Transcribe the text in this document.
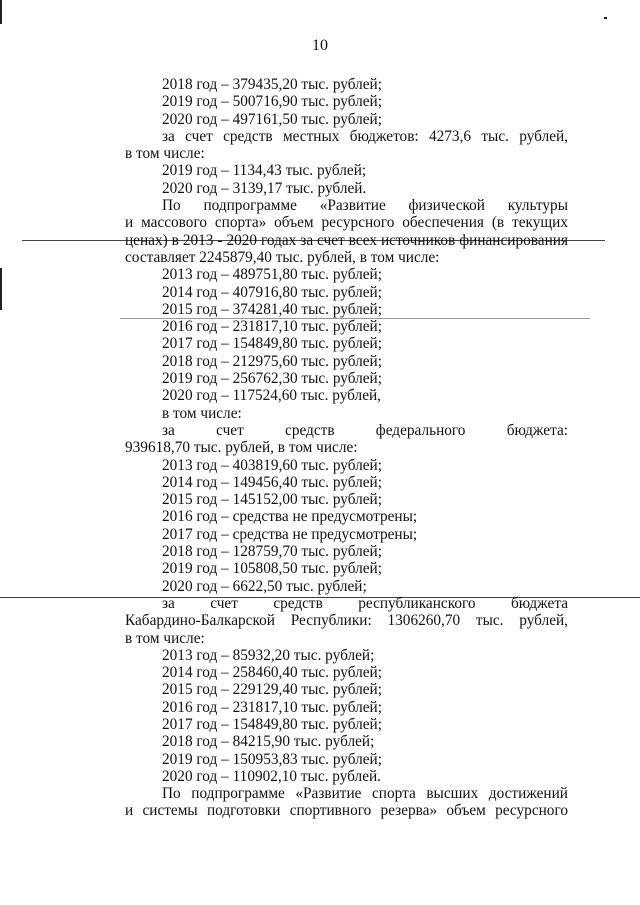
10
2018 год – 379435,20 тыс. рублей;
2019 год – 500716,90 тыс. рублей;
2020 год – 497161,50 тыс. рублей;
за счет средств местных бюджетов: 4273,6 тыс. рублей,
в том числе:
2019 год – 1134,43 тыс. рублей;
2020 год – 3139,17 тыс. рублей.
По подпрограмме «Развитие физической культуры
и массового спорта» объем ресурсного обеспечения (в текущих
ценах) в 2013 - 2020 годах за счет всех источников финансирования
составляет 2245879,40 тыс. рублей, в том числе:
2013 год – 489751,80 тыс. рублей;
2014 год – 407916,80 тыс. рублей;
2015 год – 374281,40 тыс. рублей;
2016 год – 231817,10 тыс. рублей;
2017 год – 154849,80 тыс. рублей;
2018 год – 212975,60 тыс. рублей;
2019 год – 256762,30 тыс. рублей;
2020 год – 117524,60 тыс. рублей,
в том числе:
за счет средств федерального бюджета:
939618,70 тыс. рублей, в том числе:
2013 год – 403819,60 тыс. рублей;
2014 год – 149456,40 тыс. рублей;
2015 год – 145152,00 тыс. рублей;
2016 год – средства не предусмотрены;
2017 год – средства не предусмотрены;
2018 год – 128759,70 тыс. рублей;
2019 год – 105808,50 тыс. рублей;
2020 год – 6622,50 тыс. рублей;
за счет средств республиканского бюджета
Кабардино-Балкарской Республики: 1306260,70 тыс. рублей,
в том числе:
2013 год – 85932,20 тыс. рублей;
2014 год – 258460,40 тыс. рублей;
2015 год – 229129,40 тыс. рублей;
2016 год – 231817,10 тыс. рублей;
2017 год – 154849,80 тыс. рублей;
2018 год – 84215,90 тыс. рублей;
2019 год – 150953,83 тыс. рублей;
2020 год – 110902,10 тыс. рублей.
По подпрограмме «Развитие спорта высших достижений
и системы подготовки спортивного резерва» объем ресурсного
